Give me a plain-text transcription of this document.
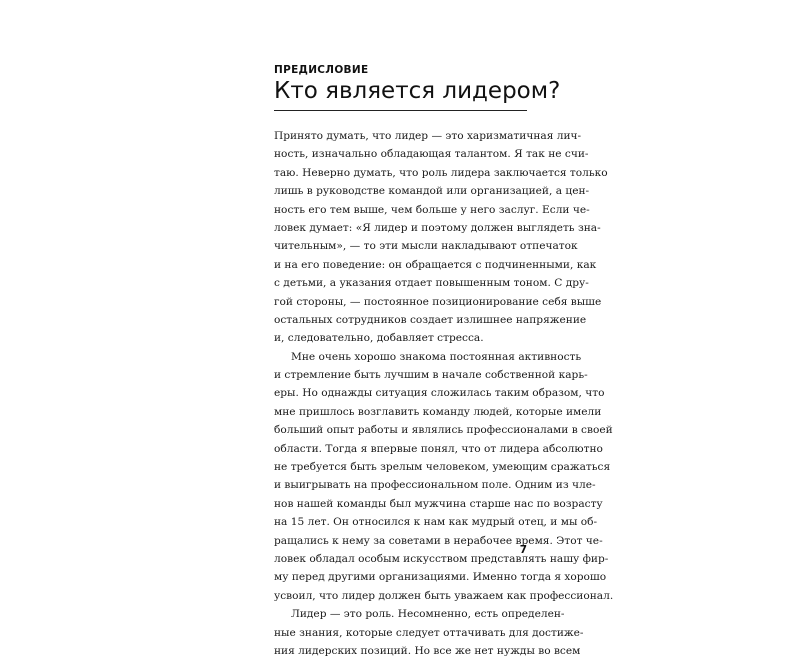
ПРЕДИСЛОВИЕ
Кто является лидером?
Принято думать, что лидер — это харизматичная лич-
ность, изначально обладающая талантом. Я так не счи-
таю. Неверно думать, что роль лидера заключается только
лишь в руководстве командой или организацией, а цен-
ность его тем выше, чем больше у него заслуг. Если че-
ловек думает: «Я лидер и поэтому должен выглядеть зна-
чительным», — то эти мысли накладывают отпечаток
и на его поведение: он обращается с подчиненными, как
с детьми, а указания отдает повышенным тоном. С дру-
гой стороны, — постоянное позиционирование себя выше
остальных сотрудников создает излишнее напряжение
и, следовательно, добавляет стресса.
Мне очень хорошо знакома постоянная активность
и стремление быть лучшим в начале собственной карь-
еры. Но однажды ситуация сложилась таким образом, что
мне пришлось возглавить команду людей, которые имели
больший опыт работы и являлись профессионалами в своей
области. Тогда я впервые понял, что от лидера абсолютно
не требуется быть зрелым человеком, умеющим сражаться
и выигрывать на профессиональном поле. Одним из чле-
нов нашей команды был мужчина старше нас по возрасту
на 15 лет. Он относился к нам как мудрый отец, и мы об-
ращались к нему за советами в нерабочее время. Этот че-
ловек обладал особым искусством представлять нашу фир-
му перед другими организациями. Именно тогда я хорошо
усвоил, что лидер должен быть уважаем как профессионал.
Лидер — это роль. Несомненно, есть определен-
ные знания, которые следует оттачивать для достиже-
ния лидерских позиций. Но все же нет нужды во всем
7
